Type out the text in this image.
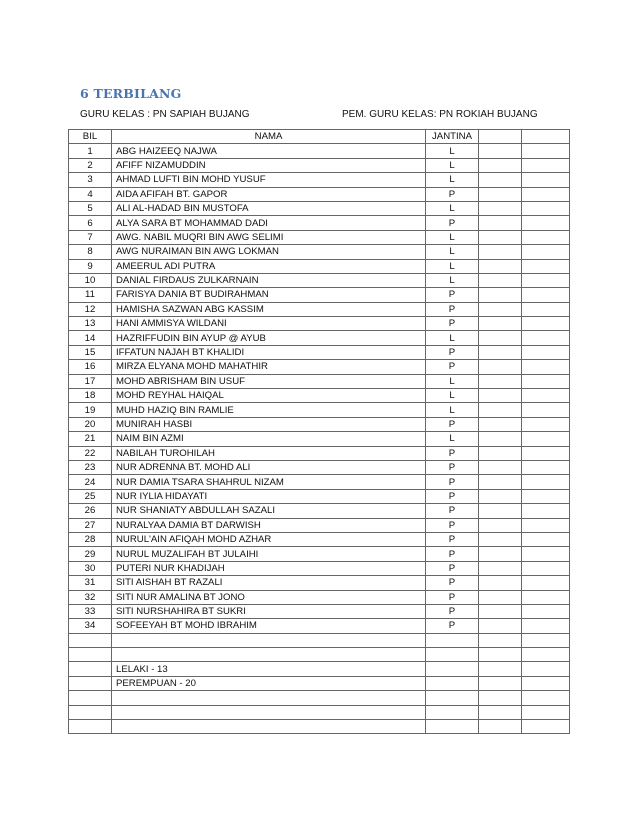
6 TERBILANG
GURU KELAS : PN SAPIAH BUJANG	PEM. GURU KELAS: PN ROKIAH BUJANG
BIL	NAMA	JANTINA		
1	ABG HAIZEEQ NAJWA	L		
2	AFIFF NIZAMUDDIN	L		
3	AHMAD LUFTI BIN MOHD YUSUF	L		
4	AIDA AFIFAH BT. GAPOR	P		
5	ALI AL-HADAD BIN MUSTOFA	L		
6	ALYA SARA BT MOHAMMAD DADI	P		
7	AWG. NABIL MUQRI BIN AWG SELIMI	L		
8	AWG NURAIMAN BIN AWG LOKMAN	L		
9	AMEERUL ADI PUTRA	L		
10	DANIAL FIRDAUS ZULKARNAIN	L		
11	FARISYA DANIA BT BUDIRAHMAN	P		
12	HAMISHA SAZWAN ABG KASSIM	P		
13	HANI AMMISYA WILDANI	P		
14	HAZRIFFUDIN BIN AYUP @ AYUB	L		
15	IFFATUN NAJAH BT KHALIDI	P		
16	MIRZA ELYANA MOHD MAHATHIR	P		
17	MOHD ABRISHAM BIN USUF	L		
18	MOHD REYHAL HAIQAL	L		
19	MUHD HAZIQ BIN RAMLIE	L		
20	MUNIRAH HASBI	P		
21	NAIM BIN AZMI	L		
22	NABILAH TUROHILAH	P		
23	NUR ADRENNA BT. MOHD ALI	P		
24	NUR DAMIA TSARA SHAHRUL NIZAM	P		
25	NUR IYLIA HIDAYATI	P		
26	NUR SHANIATY ABDULLAH SAZALI	P		
27	NURALYAA DAMIA BT DARWISH	P		
28	NURUL'AIN AFIQAH MOHD AZHAR	P		
29	NURUL MUZALIFAH BT JULAIHI	P		
30	PUTERI NUR KHADIJAH	P		
31	SITI AISHAH BT RAZALI	P		
32	SITI NUR AMALINA BT JONO	P		
33	SITI NURSHAHIRA BT SUKRI	P		
34	SOFEEYAH BT MOHD IBRAHIM	P		

	LELAKI - 13			
	PEREMPUAN - 20			
